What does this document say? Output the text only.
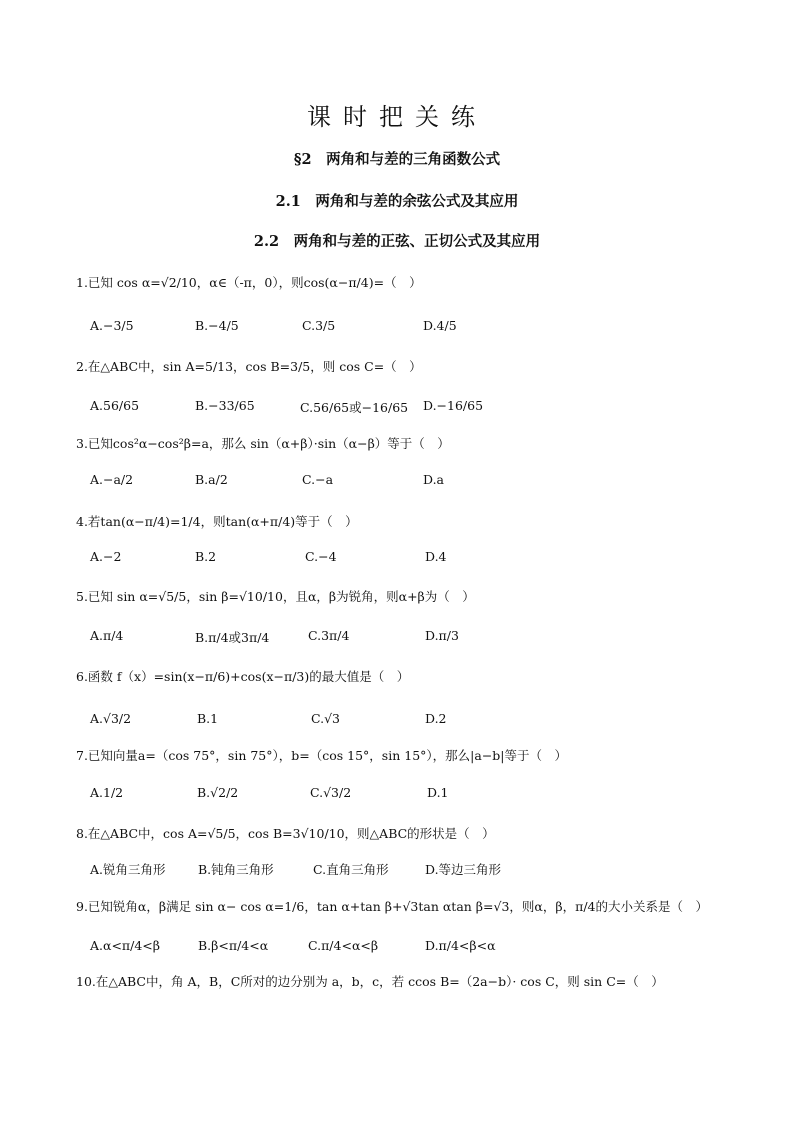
课时把关练
§2　两角和与差的三角函数公式
2.1　两角和与差的余弦公式及其应用
2.2　两角和与差的正弦、正切公式及其应用
1.已知 cos α=√2/10，α∈（-π，0），则cos(α−π/4)=（　）
A.−3/5	B.−4/5	C.3/5	D.4/5
2.在△ABC中，sin A=5/13，cos B=3/5，则 cos C=（　）
A.56/65	B.−33/65	C.56/65或−16/65 D.−16/65
3.已知cos²α−cos²β=a，那么 sin（α+β）·sin（α−β）等于（　）
A.−a/2	B.a/2	C.−a	D.a
4.若tan(α−π/4)=1/4，则tan(α+π/4)等于（　）
A.−2	B.2	C.−4	D.4
5.已知 sin α=√5/5，sin β=√10/10，且α，β为锐角，则α+β为（　）
A.π/4	B.π/4或3π/4	C.3π/4	D.π/3
6.函数 f（x）=sin(x−π/6)+cos(x−π/3)的最大值是（　）
A.√3/2	B.1	C.√3	D.2
7.已知向量a=（cos 75°，sin 75°），b=（cos 15°，sin 15°），那么|a−b|等于（　）
A.1/2	B.√2/2	C.√3/2	D.1
8.在△ABC中，cos A=√5/5，cos B=3√10/10，则△ABC的形状是（　）
A.锐角三角形	B.钝角三角形	C.直角三角形	D.等边三角形
9.已知锐角α，β满足 sin α− cos α=1/6，tan α+tan β+√3tan αtan β=√3，则α，β，π/4的大小关系是（　）
A.α<π/4<β	B.β<π/4<α	C.π/4<α<β	D.π/4<β<α
10.在△ABC中，角 A，B，C所对的边分别为 a，b，c，若 ccos B=（2a−b）· cos C，则 sin C=（　）
